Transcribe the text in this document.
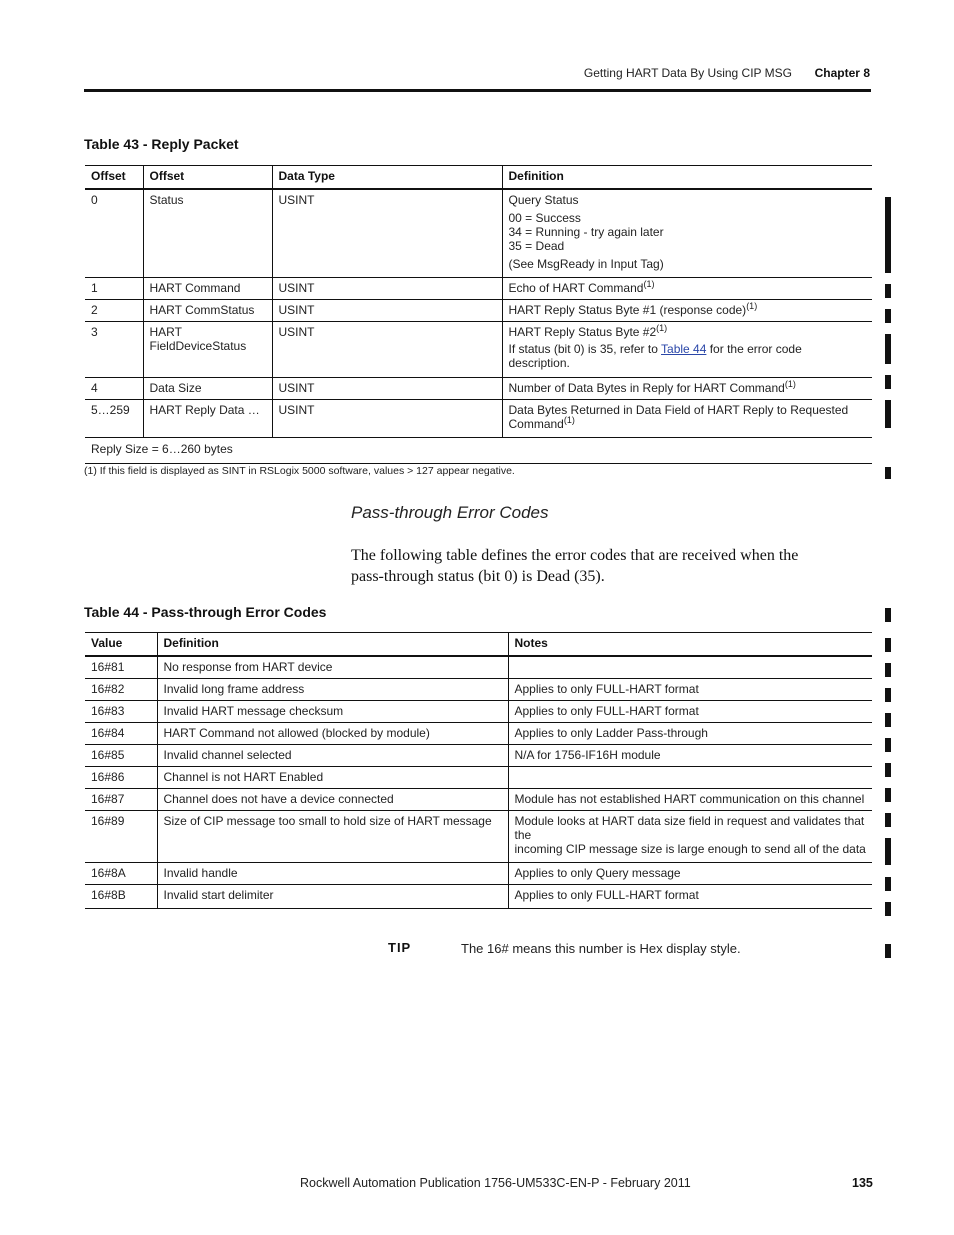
Getting HART Data By Using CIP MSG Chapter 8
Table 43 - Reply Packet
Offset	Offset	Data Type	Definition
0	Status	USINT	Query Status
00 = Success
34 = Running - try again later
35 = Dead
(See MsgReady in Input Tag)

1	HART Command	USINT	Echo of HART Command$^{(1)}$
2	HART CommStatus	USINT	HART Reply Status Byte #1 (response code)$^{(1)}$
3	HART
FieldDeviceStatus	USINT	HART Reply Status Byte #2$^{(1)}$
If status (bit 0) is 35, refer to Table 44 for the error code description.

4	Data Size	USINT	Number of Data Bytes in Reply for HART Command$^{(1)}$
5…259	HART Reply Data …	USINT	Data Bytes Returned in Data Field of HART Reply to Requested
Command$^{(1)}$
Reply Size = 6…260 bytes			
(1) If this field is displayed as SINT in RSLogix 5000 software, values > 127 appear negative.
Pass-through Error Codes
The following table defines the error codes that are received when the pass-through status (bit 0) is Dead (35).
Table 44 - Pass-through Error Codes
Value	Definition	Notes
16#81	No response from HART device	
16#82	Invalid long frame address	Applies to only FULL-HART format
16#83	Invalid HART message checksum	Applies to only FULL-HART format
16#84	HART Command not allowed (blocked by module)	Applies to only Ladder Pass-through
16#85	Invalid channel selected	N/A for 1756-IF16H module
16#86	Channel is not HART Enabled	
16#87	Channel does not have a device connected	Module has not established HART communication on this channel
16#89	Size of CIP message too small to hold size of HART message	Module looks at HART data size field in request and validates that the
incoming CIP message size is large enough to send all of the data

16#8A	Invalid handle	Applies to only Query message
16#8B	Invalid start delimiter	Applies to only FULL-HART format
TIP	The 16# means this number is Hex display style.
Rockwell Automation Publication 1756-UM533C-EN-P - February 2011	135
